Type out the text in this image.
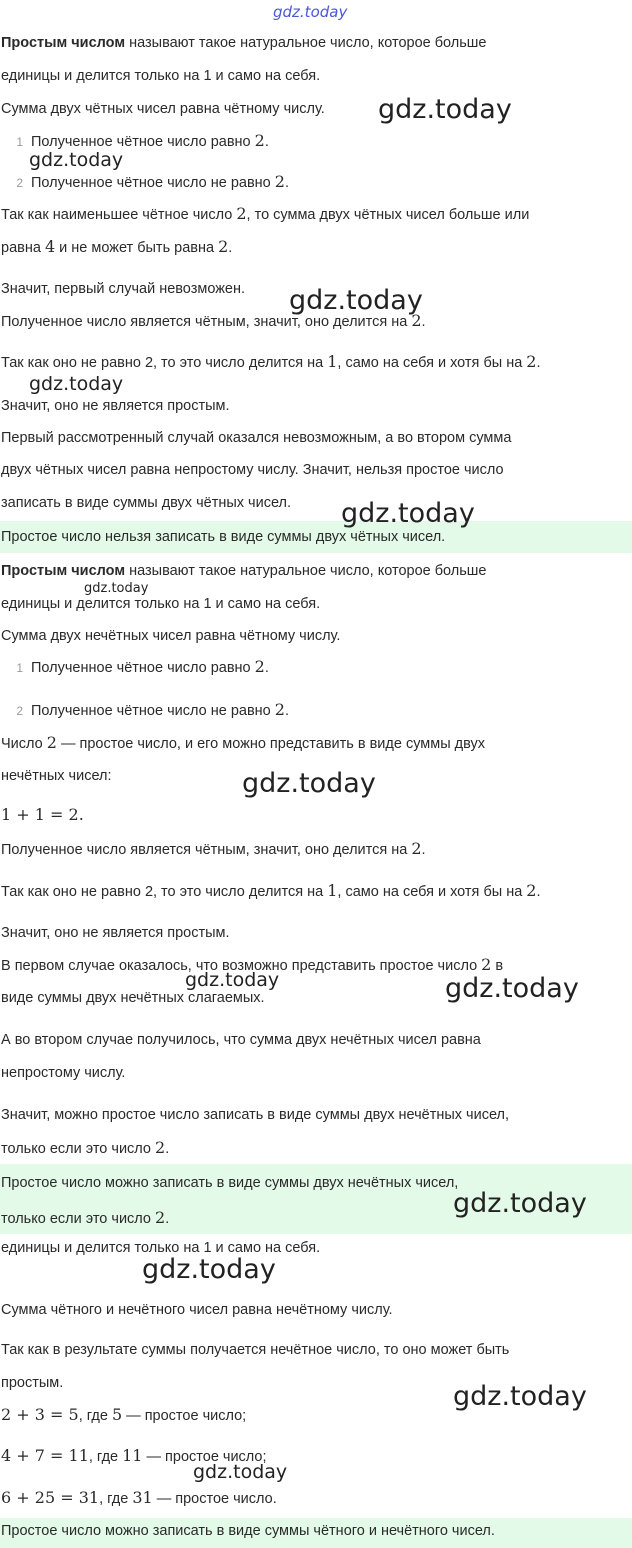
Простым числом называют такое натуральное число, которое больше
единицы и делится только на 1 и само на себя.
Сумма двух чётных чисел равна чётному числу.
1 Полученное чётное число равно 2.
2 Полученное чётное число не равно 2.
Так как наименьшее чётное число 2, то сумма двух чётных чисел больше или
равна 4 и не может быть равна 2.
Значит, первый случай невозможен.
Полученное число является чётным, значит, оно делится на 2.
Так как оно не равно 2, то это число делится на 1, само на себя и хотя бы на 2.
Значит, оно не является простым.
Первый рассмотренный случай оказался невозможным, а во втором сумма
двух чётных чисел равна непростому числу. Значит, нельзя простое число
записать в виде суммы двух чётных чисел.
Простое число нельзя записать в виде суммы двух чётных чисел.
Простым числом называют такое натуральное число, которое больше
единицы и делится только на 1 и само на себя.
Сумма двух нечётных чисел равна чётному числу.
1 Полученное чётное число равно 2.
2 Полученное чётное число не равно 2.
Число 2 — простое число, и его можно представить в виде суммы двух
нечётных чисел:
1 + 1 = 2.
Полученное число является чётным, значит, оно делится на 2.
Так как оно не равно 2, то это число делится на 1, само на себя и хотя бы на 2.
Значит, оно не является простым.
В первом случае оказалось, что возможно представить простое число 2 в
виде суммы двух нечётных слагаемых.
А во втором случае получилось, что сумма двух нечётных чисел равна
непростому числу.
Значит, можно простое число записать в виде суммы двух нечётных чисел,
только если это число 2.
Простое число можно записать в виде суммы двух нечётных чисел,
только если это число 2.
единицы и делится только на 1 и само на себя.
Сумма чётного и нечётного чисел равна нечётному числу.
Так как в результате суммы получается нечётное число, то оно может быть
простым.
2 + 3 = 5, где 5 — простое число;
4 + 7 = 11, где 11 — простое число;
6 + 25 = 31, где 31 — простое число.
Простое число можно записать в виде суммы чётного и нечётного чисел.
gdz.today
gdz.today
gdz.today
gdz.today
gdz.today
gdz.today
gdz.today
gdz.today
gdz.today	gdz.today
gdz.today
gdz.today
gdz.today
gdz.today
